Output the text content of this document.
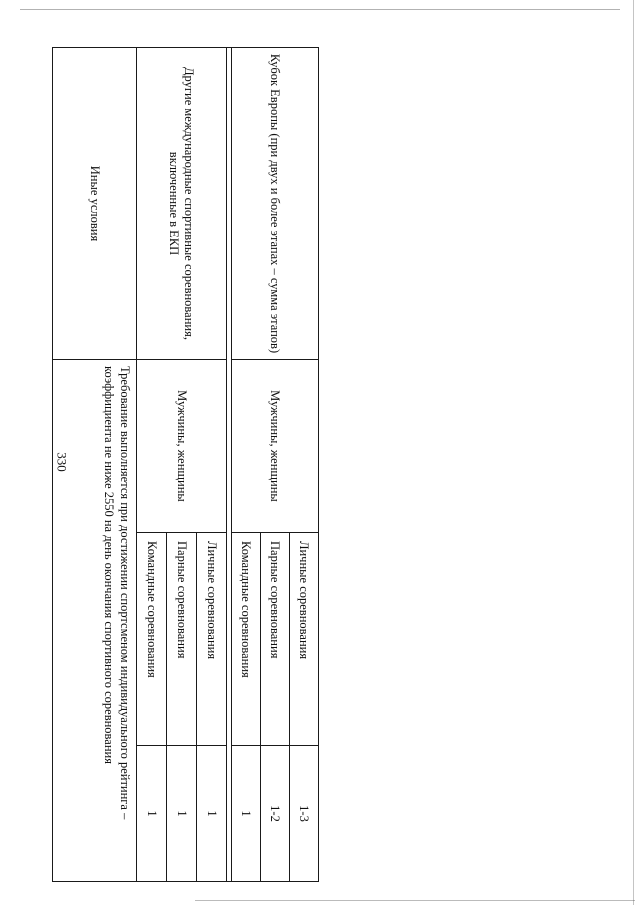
330
Кубок Европы (при двух и более этапах – сумма этапов)	Мужчины, женщины	Личные соревнования	1-3
		Парные соревнования	1-2
		Командные соревнования	1

Другие международные спортивные соревнования, включенные в ЕКП	Мужчины, женщины	Личные соревнования	1
		Парные соревнования	1
		Командные соревнования	1
Иные условия	Требование выполняется при достижении спортсменом индивидуального рейтинга – коэффициента не ниже 2550 на день окончания спортивного соревнования		
